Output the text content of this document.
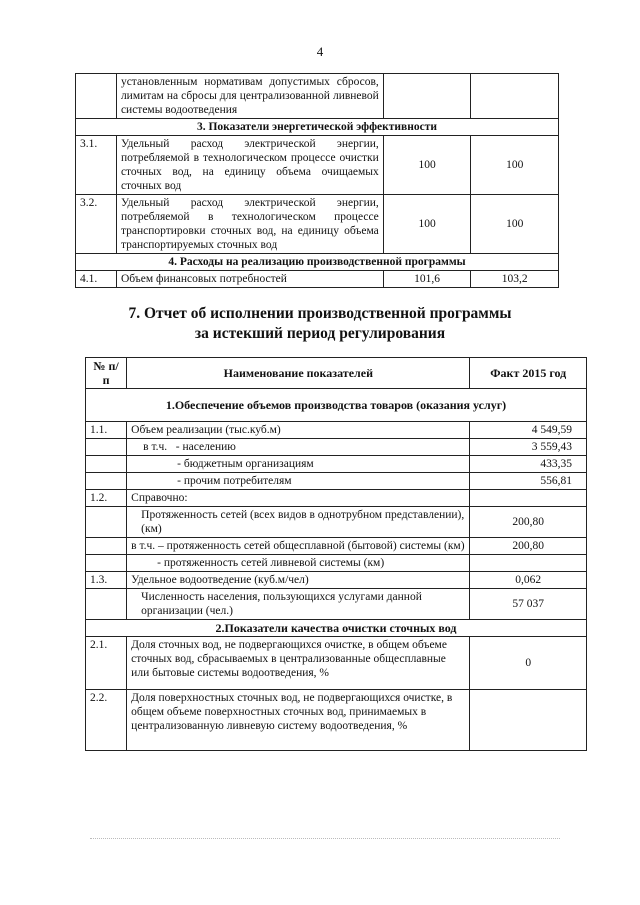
4
	установленным нормативам допустимых сбросов, лимитам на сбросы для централизованной ливневой системы водоотведения		
3. Показатели энергетической эффективности			
3.1.	Удельный расход электрической энергии, потребляемой в технологическом процессе очистки сточных вод, на единицу объема очищаемых сточных вод	100	100
3.2.	Удельный расход электрической энергии, потребляемой в технологическом процессе транспортировки сточных вод, на единицу объема транспортируемых сточных вод	100	100
4. Расходы на реализацию производственной программы			
4.1.	Объем финансовых потребностей	101,6	103,2
7. Отчет об исполнении производственной программы
за истекший период регулирования
№ п/п	Наименование показателей	Факт 2015 год
1.Обеспечение объемов производства товаров (оказания услуг)		
1.1.	Объем реализации (тыс.куб.м)	4 549,59
	в т.ч. - населению	3 559,43
	- бюджетным организациям	433,35
	- прочим потребителям	556,81
1.2.	Справочно:	
	Протяженность сетей (всех видов в однотрубном представлении), (км)	200,80
	в т.ч. – протяженность сетей общесплавной (бытовой) системы (км)	200,80
	- протяженность сетей ливневой системы (км)	
1.3.	Удельное водоотведение (куб.м/чел)	0,062
	Численность населения, пользующихся услугами данной организации (чел.)	57 037
2.Показатели качества очистки сточных вод		
2.1.	Доля сточных вод, не подвергающихся очистке, в общем объеме сточных вод, сбрасываемых в централизованные общесплавные или бытовые системы водоотведения, %	0
2.2.	Доля поверхностных сточных вод, не подвергающихся очистке, в общем объеме поверхностных сточных вод, принимаемых в централизованную ливневую систему водоотведения, %	
